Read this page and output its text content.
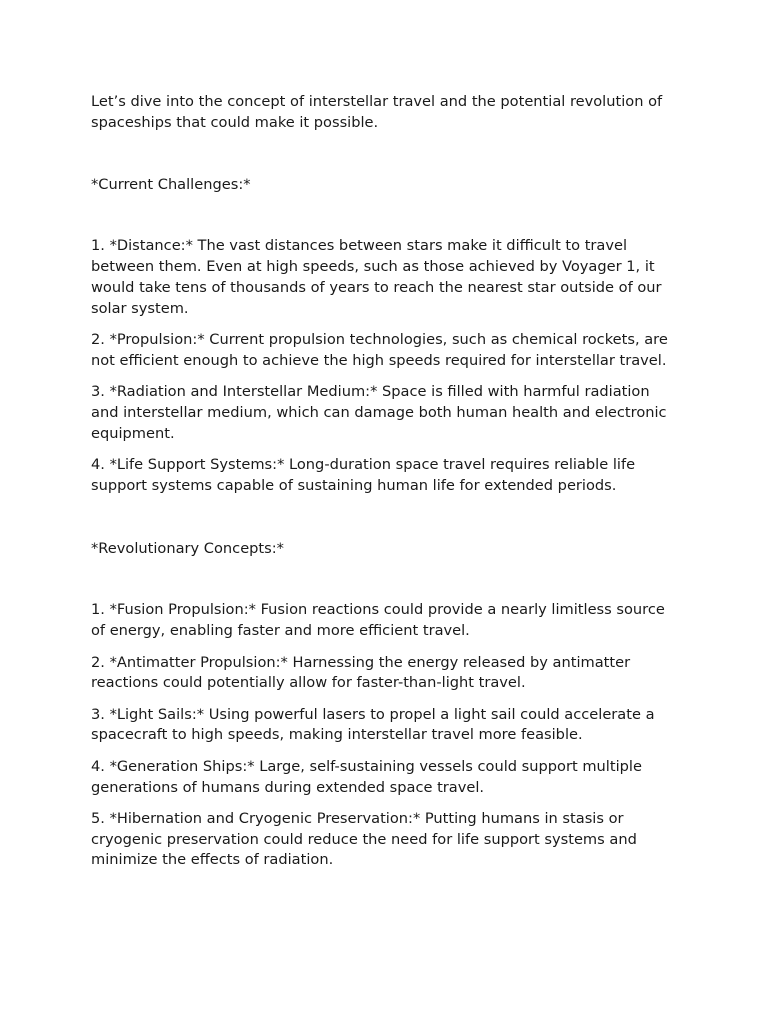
Let’s dive into the concept of interstellar travel and the potential revolution of spaceships that could make it possible.

*Current Challenges:*

1. *Distance:* The vast distances between stars make it difficult to travel between them. Even at high speeds, such as those achieved by Voyager 1, it would take tens of thousands of years to reach the nearest star outside of our solar system.

2. *Propulsion:* Current propulsion technologies, such as chemical rockets, are not efficient enough to achieve the high speeds required for interstellar travel.

3. *Radiation and Interstellar Medium:* Space is filled with harmful radiation and interstellar medium, which can damage both human health and electronic equipment.

4. *Life Support Systems:* Long-duration space travel requires reliable life support systems capable of sustaining human life for extended periods.

*Revolutionary Concepts:*

1. *Fusion Propulsion:* Fusion reactions could provide a nearly limitless source of energy, enabling faster and more efficient travel.

2. *Antimatter Propulsion:* Harnessing the energy released by antimatter reactions could potentially allow for faster-than-light travel.

3. *Light Sails:* Using powerful lasers to propel a light sail could accelerate a spacecraft to high speeds, making interstellar travel more feasible.

4. *Generation Ships:* Large, self-sustaining vessels could support multiple generations of humans during extended space travel.

5. *Hibernation and Cryogenic Preservation:* Putting humans in stasis or cryogenic preservation could reduce the need for life support systems and minimize the effects of radiation.
